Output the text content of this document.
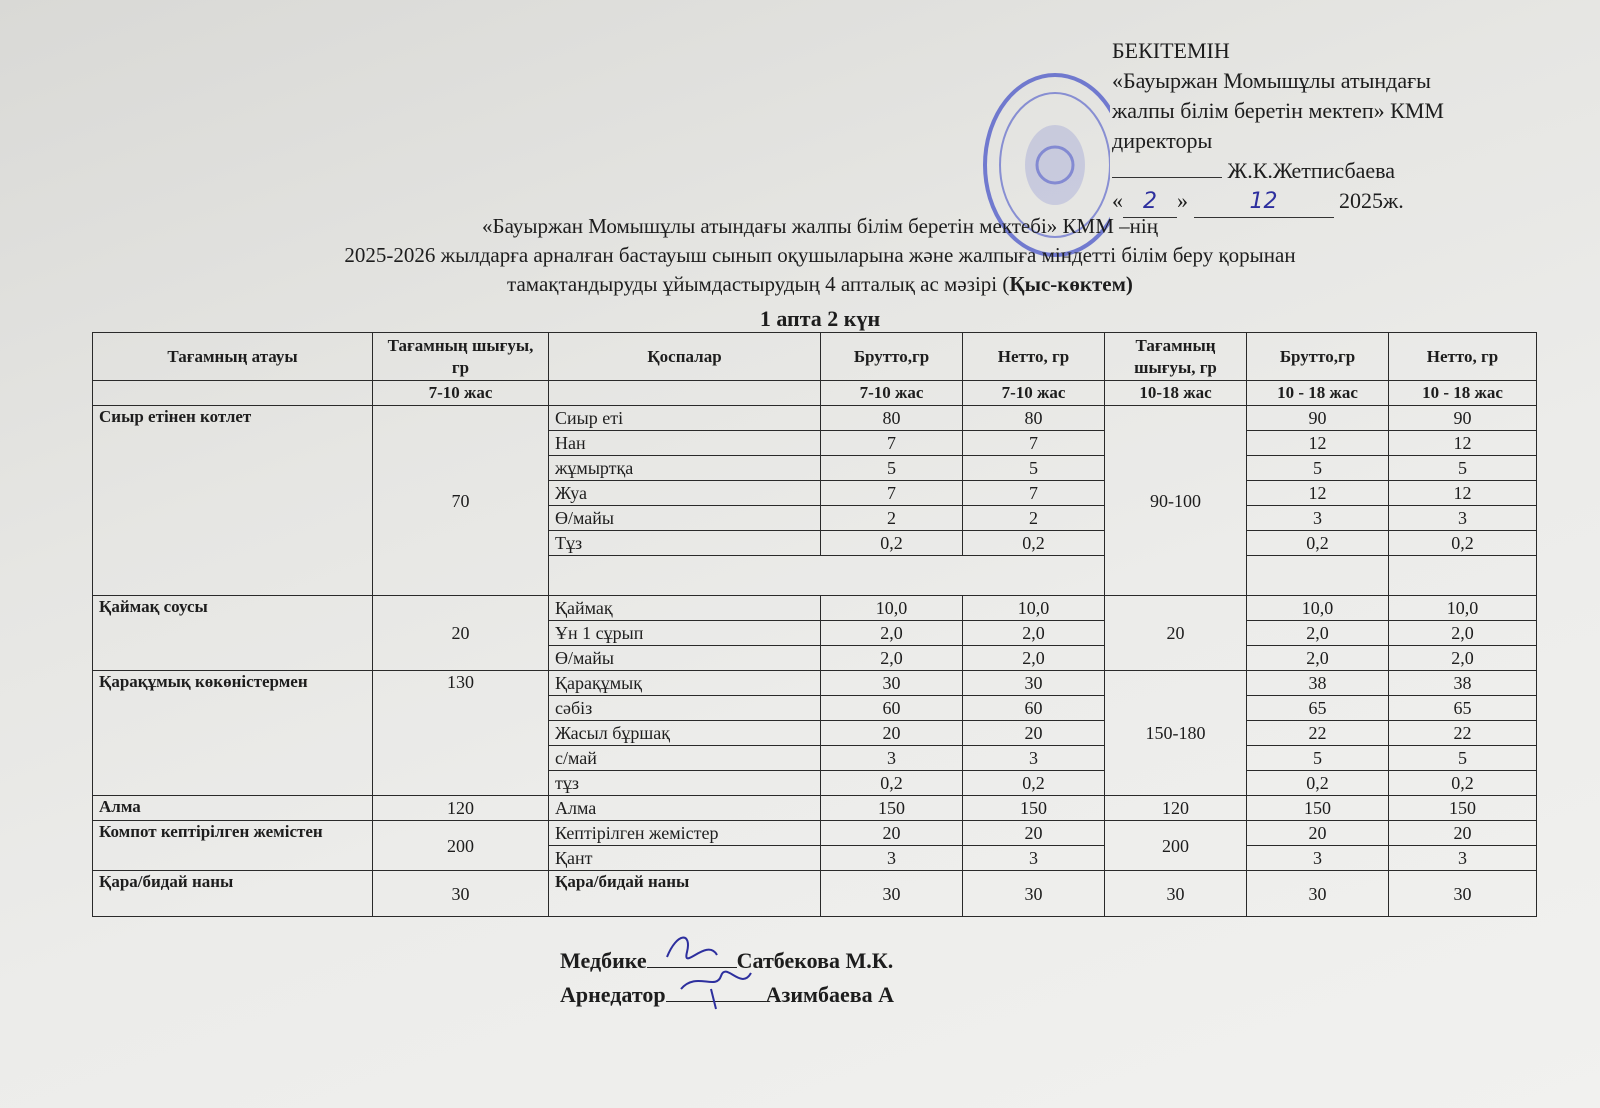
БЕКІТЕМІН
«Бауыржан Момышұлы атындағы
жалпы білім беретін мектеп» КММ
директоры
Ж.К.Жетписбаева
« 2 »	12	2025ж.
«Бауыржан Момышұлы атындағы жалпы білім беретін мектебі» КММ –нің
2025-2026 жылдарға арналған бастауыш сынып оқушыларына және жалпыға міндетті білім беру қорынан
тамақтандыруды ұйымдастырудың 4 апталық ас мәзірі (Қыс-көктем)
1 апта 2 күн
Тағамның атауы	Тағамның шығуы, гр	Қоспалар	Брутто,гр	Нетто, гр	Тағамның шығуы, гр	Брутто,гр	Нетто, гр
	7-10 жас		7-10 жас	7-10 жас	10-18 жас	10 - 18 жас	10 - 18 жас
Сиыр етінен котлет	70	Сиыр еті	80	80	90-100	90	90
		Нан	7	7		12	12
		жұмыртқа	5	5		5	5
		Жуа	7	7		12	12
		Ө/майы	2	2		3	3
		Тұз	0,2	0,2		0,2	0,2

Қаймақ соусы	20	Қаймақ	10,0	10,0	20	10,0	10,0
		Ұн 1 сұрып	2,0	2,0		2,0	2,0
		Ө/майы	2,0	2,0		2,0	2,0
Қарақұмық көкөністермен	130	Қарақұмық	30	30	150-180	38	38
		сәбіз	60	60		65	65
		Жасыл бұршақ	20	20		22	22
		с/май	3	3		5	5
		тұз	0,2	0,2		0,2	0,2
Алма	120	Алма	150	150	120	150	150
Компот кептірілген жемістен	200	Кептірілген жемістер	20	20	200	20	20
		Қант	3	3		3	3
Қара/бидай наны	30	Қара/бидай наны	30	30	30	30	30
Медбике	Сатбекова М.К.
Арнедатор	Азимбаева А
